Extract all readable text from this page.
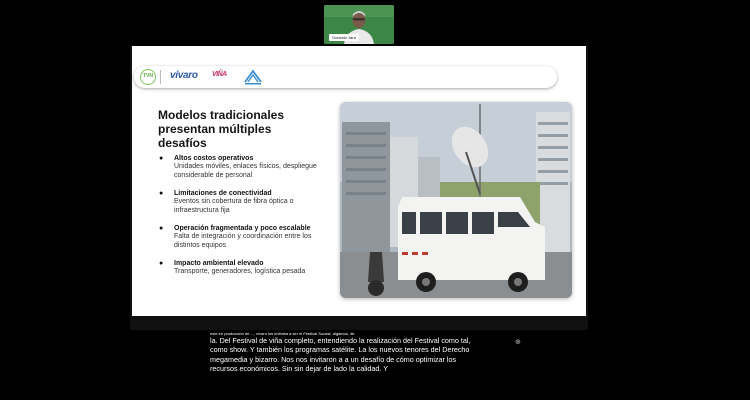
Gonzalo Jara
TVN	vívaro VIÑA
Modelos tradicionales presentan múltiples desafíos
● Altos costos operativos
Unidades móviles, enlaces físicos, despliegue considerable de personal
● Limitaciones de conectividad
Eventos sin cobertura de fibra óptica o infraestructura fija
● Operación fragmentada y poco escalable
Falta de integración y coordinación entre los distintos equipos
● Impacto ambiental elevado
Transporte, generadores, logística pesada
este en producción de ..., vívaro los invitaba a ser el Festival Sucast, digamos, de
la. Del Festival de viña completo, entendiendo la realización del Festival como tal,
como show. Y también los programas satélite. La los nuevos tenores del Derecho
megamedia y bizarro. Nos nos invitaron a a un desafío de cómo optimizar los
recursos económicos. Sin sin dejar de lado la calidad. Y
⊕
